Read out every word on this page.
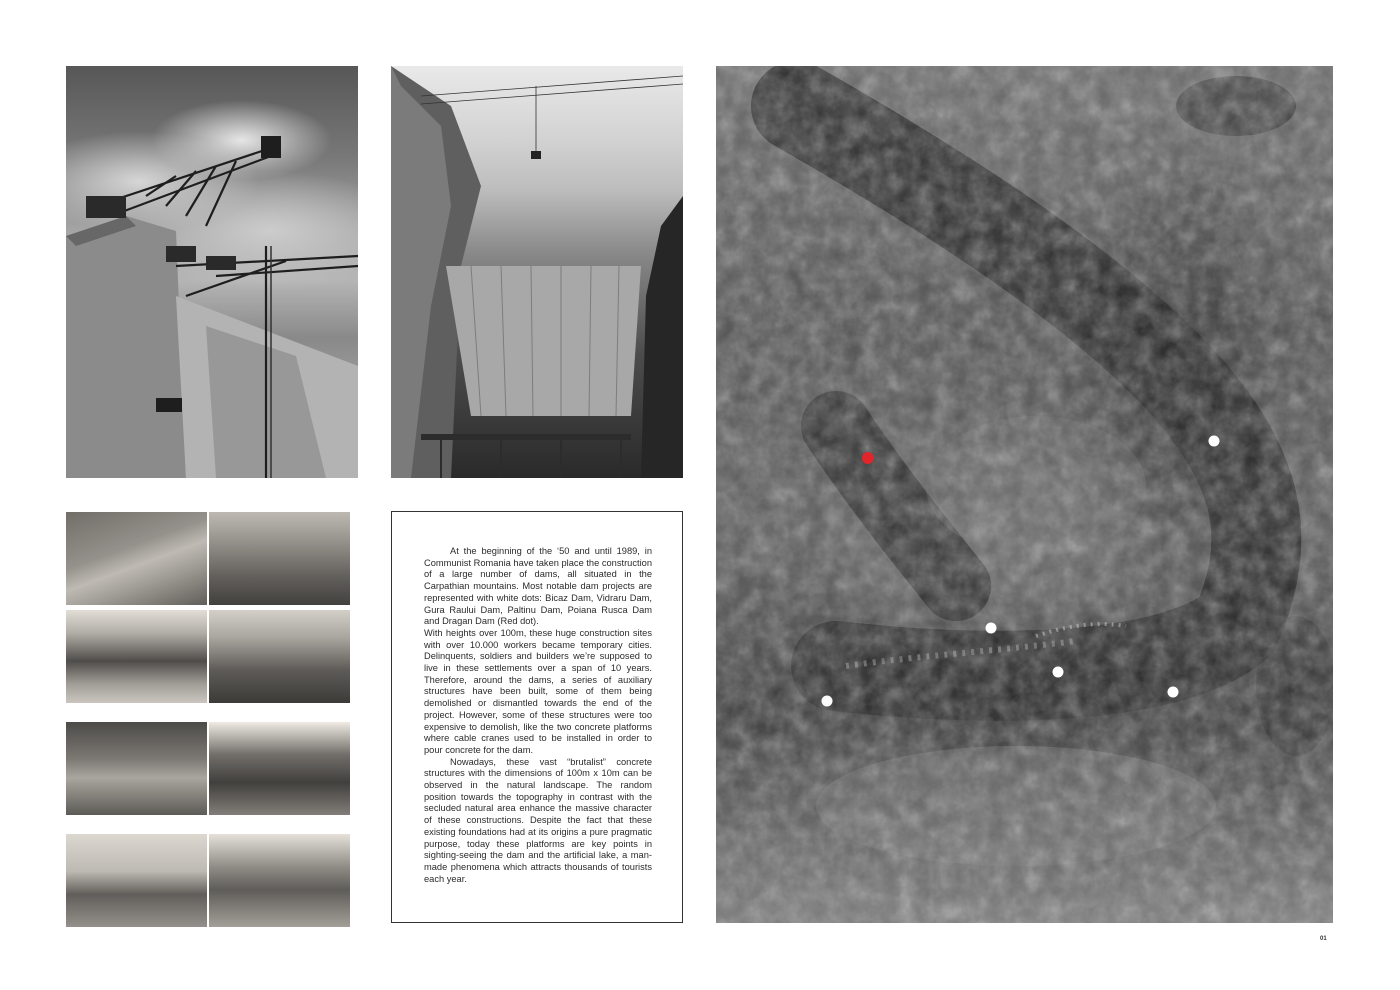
At the beginning of the ‘50 and until 1989, in Communist Romania have taken place the construction of a large number of dams, all situated in the Carpathian mountains. Most notable dam projects are represented with white dots: Bicaz Dam, Vidraru Dam, Gura Raului Dam, Paltinu Dam, Poiana Rusca Dam and Dragan Dam (Red dot).

With heights over 100m, these huge construction sites with over 10.000 workers became temporary cities. Delinquents, soldiers and builders we’re supposed to live in these settlements over a span of 10 years. Therefore, around the dams, a series of auxiliary structures have been built, some of them being demolished or dismantled towards the end of the project. However, some of these structures were too expensive to demolish, like the two concrete platforms where cable cranes used to be installed in order to pour concrete for the dam.

Nowadays, these vast “brutalist” concrete structures with the dimensions of 100m x 10m can be observed in the natural landscape. The random position towards the topography in contrast with the secluded natural area enhance the massive character of these constructions. Despite the fact that these existing foundations had at its origins a pure pragmatic purpose, today these platforms are key points in sighting-seeing the dam and the artificial lake, a man-made phenomena which attracts thousands of tourists each year.

01
